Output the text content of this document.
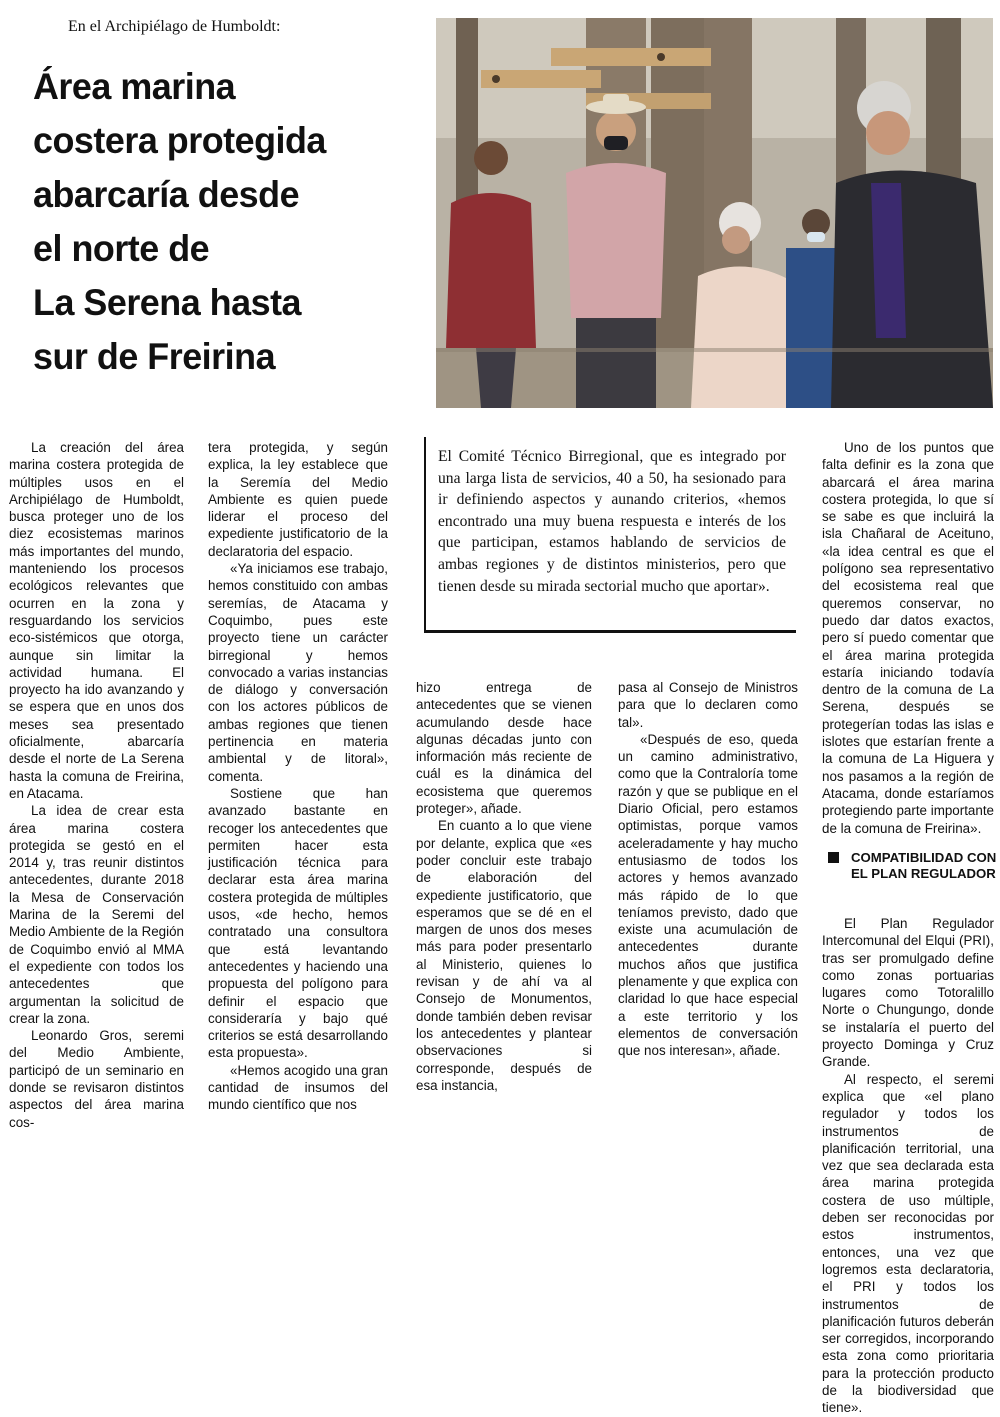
En el Archipiélago de Humboldt:
Área marina
costera protegida
abarcaría desde
el norte de
La Serena hasta
sur de Freirina

La creación del área marina costera protegida de múltiples usos en el Archipiélago de Humboldt, busca proteger uno de los diez ecosistemas marinos más importantes del mundo, manteniendo los procesos ecológicos relevantes que ocurren en la zona y resguardando los servicios eco-sistémicos que otorga, aunque sin limitar la actividad humana. El proyecto ha ido avanzando y se espera que en unos dos meses sea presentado oficialmente, abarcaría desde el norte de La Serena hasta la comuna de Freirina, en Atacama.

La idea de crear esta área marina costera protegida se gestó en el 2014 y, tras reunir distintos antecedentes, durante 2018 la Mesa de Conservación Marina de la Seremi del Medio Ambiente de la Región de Coquimbo envió al MMA el expediente con todos los antecedentes que argumentan la solicitud de crear la zona.

Leonardo Gros, seremi del Medio Ambiente, participó de un seminario en donde se revisaron distintos aspectos del área marina cos-

tera protegida, y según explica, la ley establece que la Seremía del Medio Ambiente es quien puede liderar el proceso del expediente justificatorio de la declaratoria del espacio.

«Ya iniciamos ese trabajo, hemos constituido con ambas seremías, de Atacama y Coquimbo, pues este proyecto tiene un carácter birregional y hemos convocado a varias instancias de diálogo y conversación con los actores públicos de ambas regiones que tienen pertinencia en materia ambiental y de litoral», comenta.

Sostiene que han avanzado bastante en recoger los antecedentes que permiten hacer esta justificación técnica para declarar esta área marina costera protegida de múltiples usos, «de hecho, hemos contratado una consultora que está levantando antecedentes y haciendo una propuesta del polígono para definir el espacio que consideraría y bajo qué criterios se está desarrollando esta propuesta».

«Hemos acogido una gran cantidad de insumos del mundo científico que nos

El Comité Técnico Birregional, que es integrado por una larga lista de servicios, 40 a 50, ha sesionado para ir definiendo aspectos y aunando criterios, «hemos encontrado una muy buena respuesta e interés de los que participan, estamos hablando de servicios de ambas regiones y de distintos ministerios, pero que tienen desde su mirada sectorial mucho que aportar».

hizo entrega de antecedentes que se vienen acumulando desde hace algunas décadas junto con información más reciente de cuál es la dinámica del ecosistema que queremos proteger», añade.

En cuanto a lo que viene por delante, explica que «es poder concluir este trabajo de elaboración del expediente justificatorio, que esperamos que se dé en el margen de unos dos meses más para poder presentarlo al Ministerio, quienes lo revisan y de ahí va al Consejo de Monumentos, donde también deben revisar los antecedentes y plantear observaciones si corresponde, después de esa instancia,

pasa al Consejo de Ministros para que lo declaren como tal».

«Después de eso, queda un camino administrativo, como que la Contraloría tome razón y que se publique en el Diario Oficial, pero estamos optimistas, porque vamos aceleradamente y hay mucho entusiasmo de todos los actores y hemos avanzado más rápido de lo que teníamos previsto, dado que existe una acumulación de antecedentes durante muchos años que justifica plenamente y que explica con claridad lo que hace especial a este territorio y los elementos de conversación que nos interesan», añade.

Uno de los puntos que falta definir es la zona que abarcará el área marina costera protegida, lo que sí se sabe es que incluirá la isla Chañaral de Aceituno, «la idea central es que el polígono sea representativo del ecosistema real que queremos conservar, no puedo dar datos exactos, pero sí puedo comentar que el área marina protegida estaría iniciando todavía dentro de la comuna de La Serena, después se protegerían todas las islas e islotes que estarían frente a la comuna de La Higuera y nos pasamos a la región de Atacama, donde estaríamos protegiendo parte importante de la comuna de Freirina».

COMPATIBILIDAD CON EL PLAN REGULADOR

El Plan Regulador Intercomunal del Elqui (PRI), tras ser promulgado define como zonas portuarias lugares como Totoralillo Norte o Chungungo, donde se instalaría el puerto del proyecto Dominga y Cruz Grande.

Al respecto, el seremi explica que «el plano regulador y todos los instrumentos de planificación territorial, una vez que sea declarada esta área marina protegida costera de uso múltiple, deben ser reconocidas por estos instrumentos, entonces, una vez que logremos esta declaratoria, el PRI y todos los instrumentos de planificación futuros deberán ser corregidos, incorporando esta zona como prioritaria para la protección producto de la biodiversidad que tiene».
